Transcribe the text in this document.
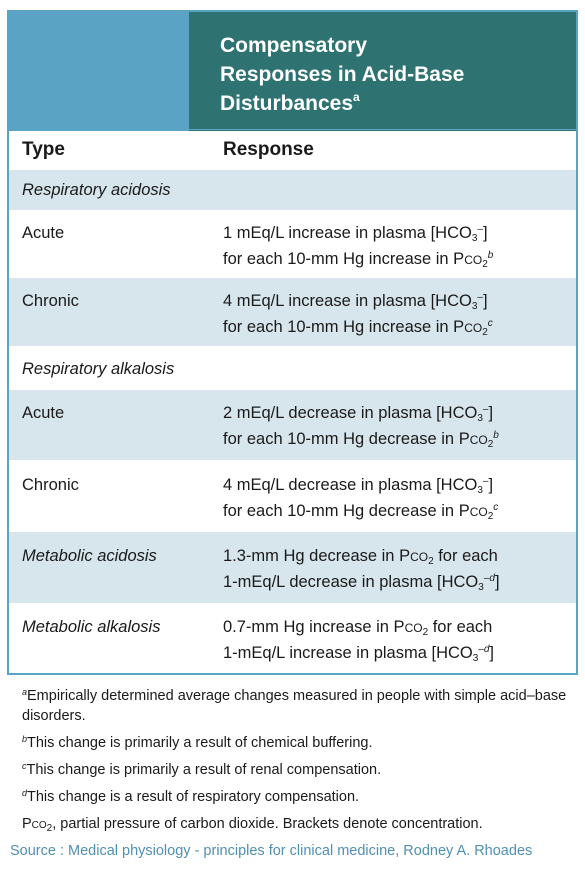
Compensatory
Responses in Acid-Base
Disturbances$^a$
Type	Response
Respiratory acidosis
Acute	1 mEq/L increase in plasma $[HCO_3^-]$
for each 10-mm Hg increase in Pco$_2^b$
Chronic	4 mEq/L increase in plasma $[HCO_3^-]$
for each 10-mm Hg increase in Pco$_2^c$
Respiratory alkalosis
Acute	2 mEq/L decrease in plasma $[HCO_3^-]$
for each 10-mm Hg decrease in Pco$_2^b$
Chronic	4 mEq/L decrease in plasma $[HCO_3^-]$
for each 10-mm Hg decrease in Pco$_2^c$
Metabolic acidosis	1.3-mm Hg decrease in Pco$_2$ for each
1-mEq/L decrease in plasma $[HCO_3^{-d}]$
Metabolic alkalosis	0.7-mm Hg increase in Pco$_2$ for each
1-mEq/L increase in plasma $[HCO_3^{-d}]$
$^a$Empirically determined average changes measured in people with simple acid–base disorders.
$^b$This change is primarily a result of chemical buffering.
$^c$This change is primarily a result of renal compensation.
$^d$This change is a result of respiratory compensation.
Pco$_2$, partial pressure of carbon dioxide. Brackets denote concentration.
Source : Medical physiology - principles for clinical medicine, Rodney A. Rhoades
